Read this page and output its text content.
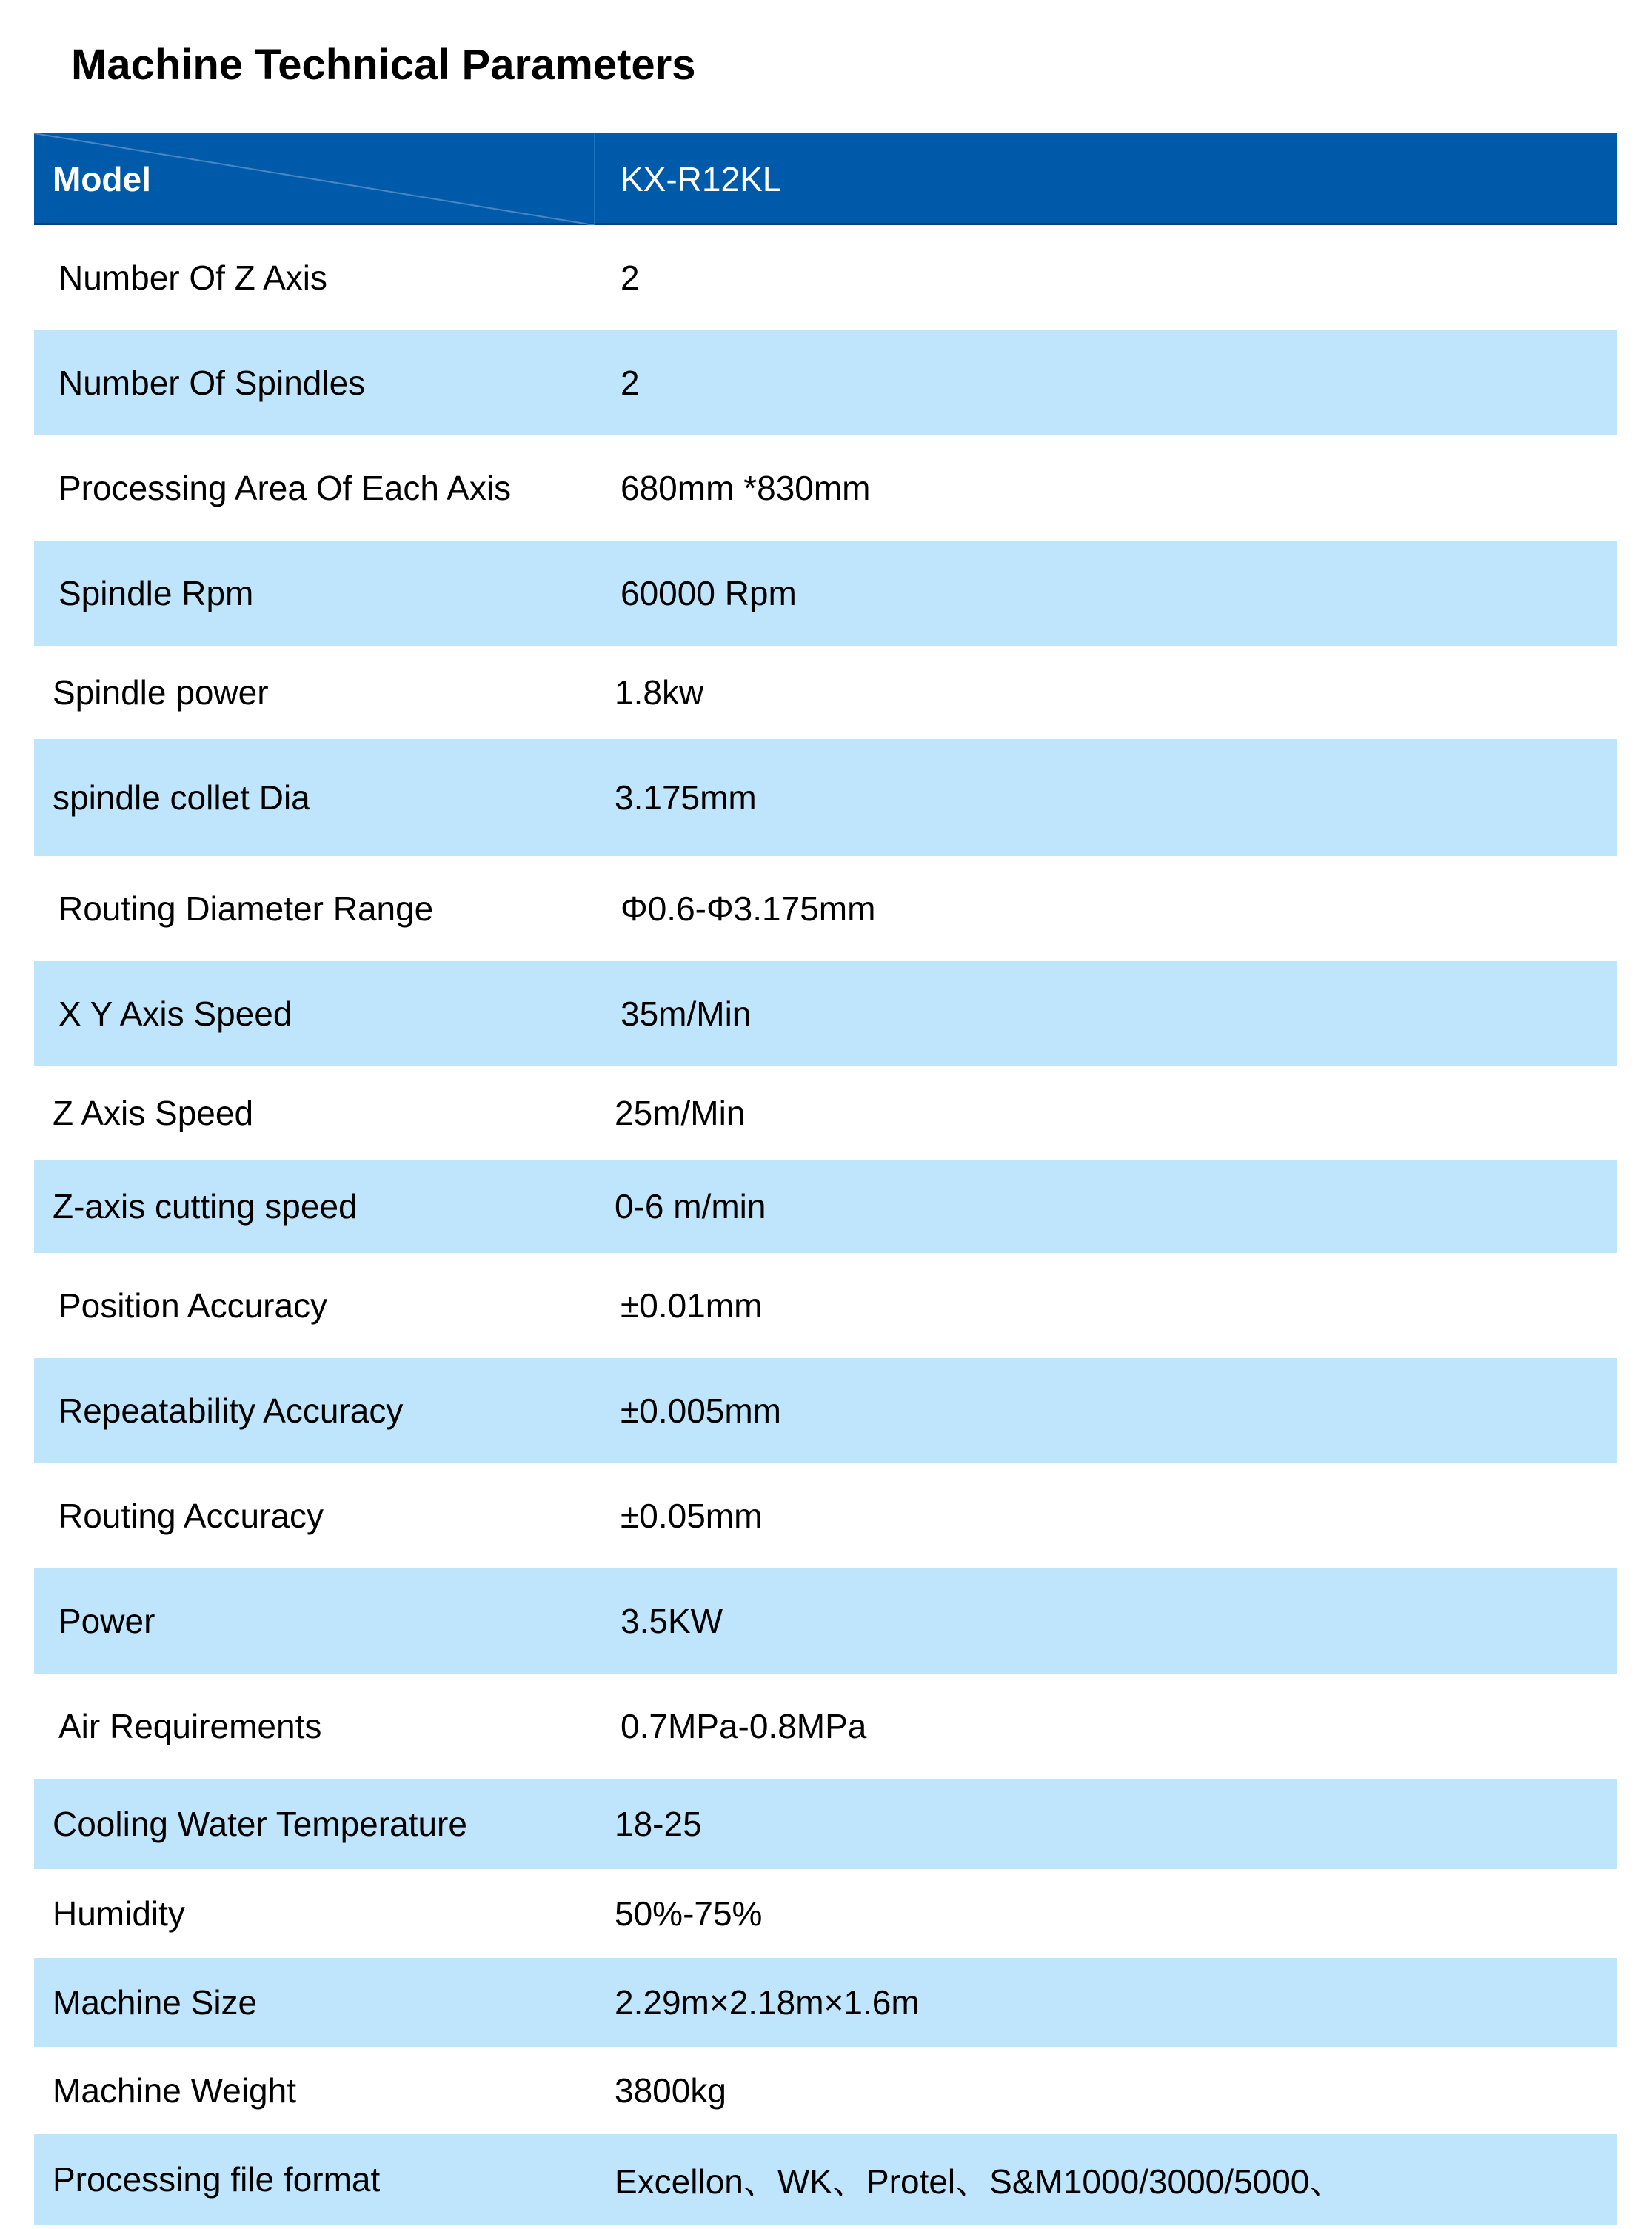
Machine Technical Parameters
Model	KX-R12KL
Number Of Z Axis	2
Number Of Spindles	2
Processing Area Of Each Axis	680mm *830mm
Spindle Rpm	60000 Rpm
Spindle power	1.8kw
spindle collet Dia	3.175mm
Routing Diameter Range	Φ0.6-Φ3.175mm
X Y Axis Speed	35m/Min
Z Axis Speed	25m/Min
Z-axis cutting speed	0-6 m/min
Position Accuracy	±0.01mm
Repeatability Accuracy	±0.005mm
Routing Accuracy	±0.05mm
Power	3.5KW
Air Requirements	0.7MPa-0.8MPa
Cooling Water Temperature	18-25
Humidity	50%-75%
Machine Size	2.29m×2.18m×1.6m
Machine Weight	3800kg
Processing file format	Excellon、WK、Protel、S&M1000/3000/5000、
